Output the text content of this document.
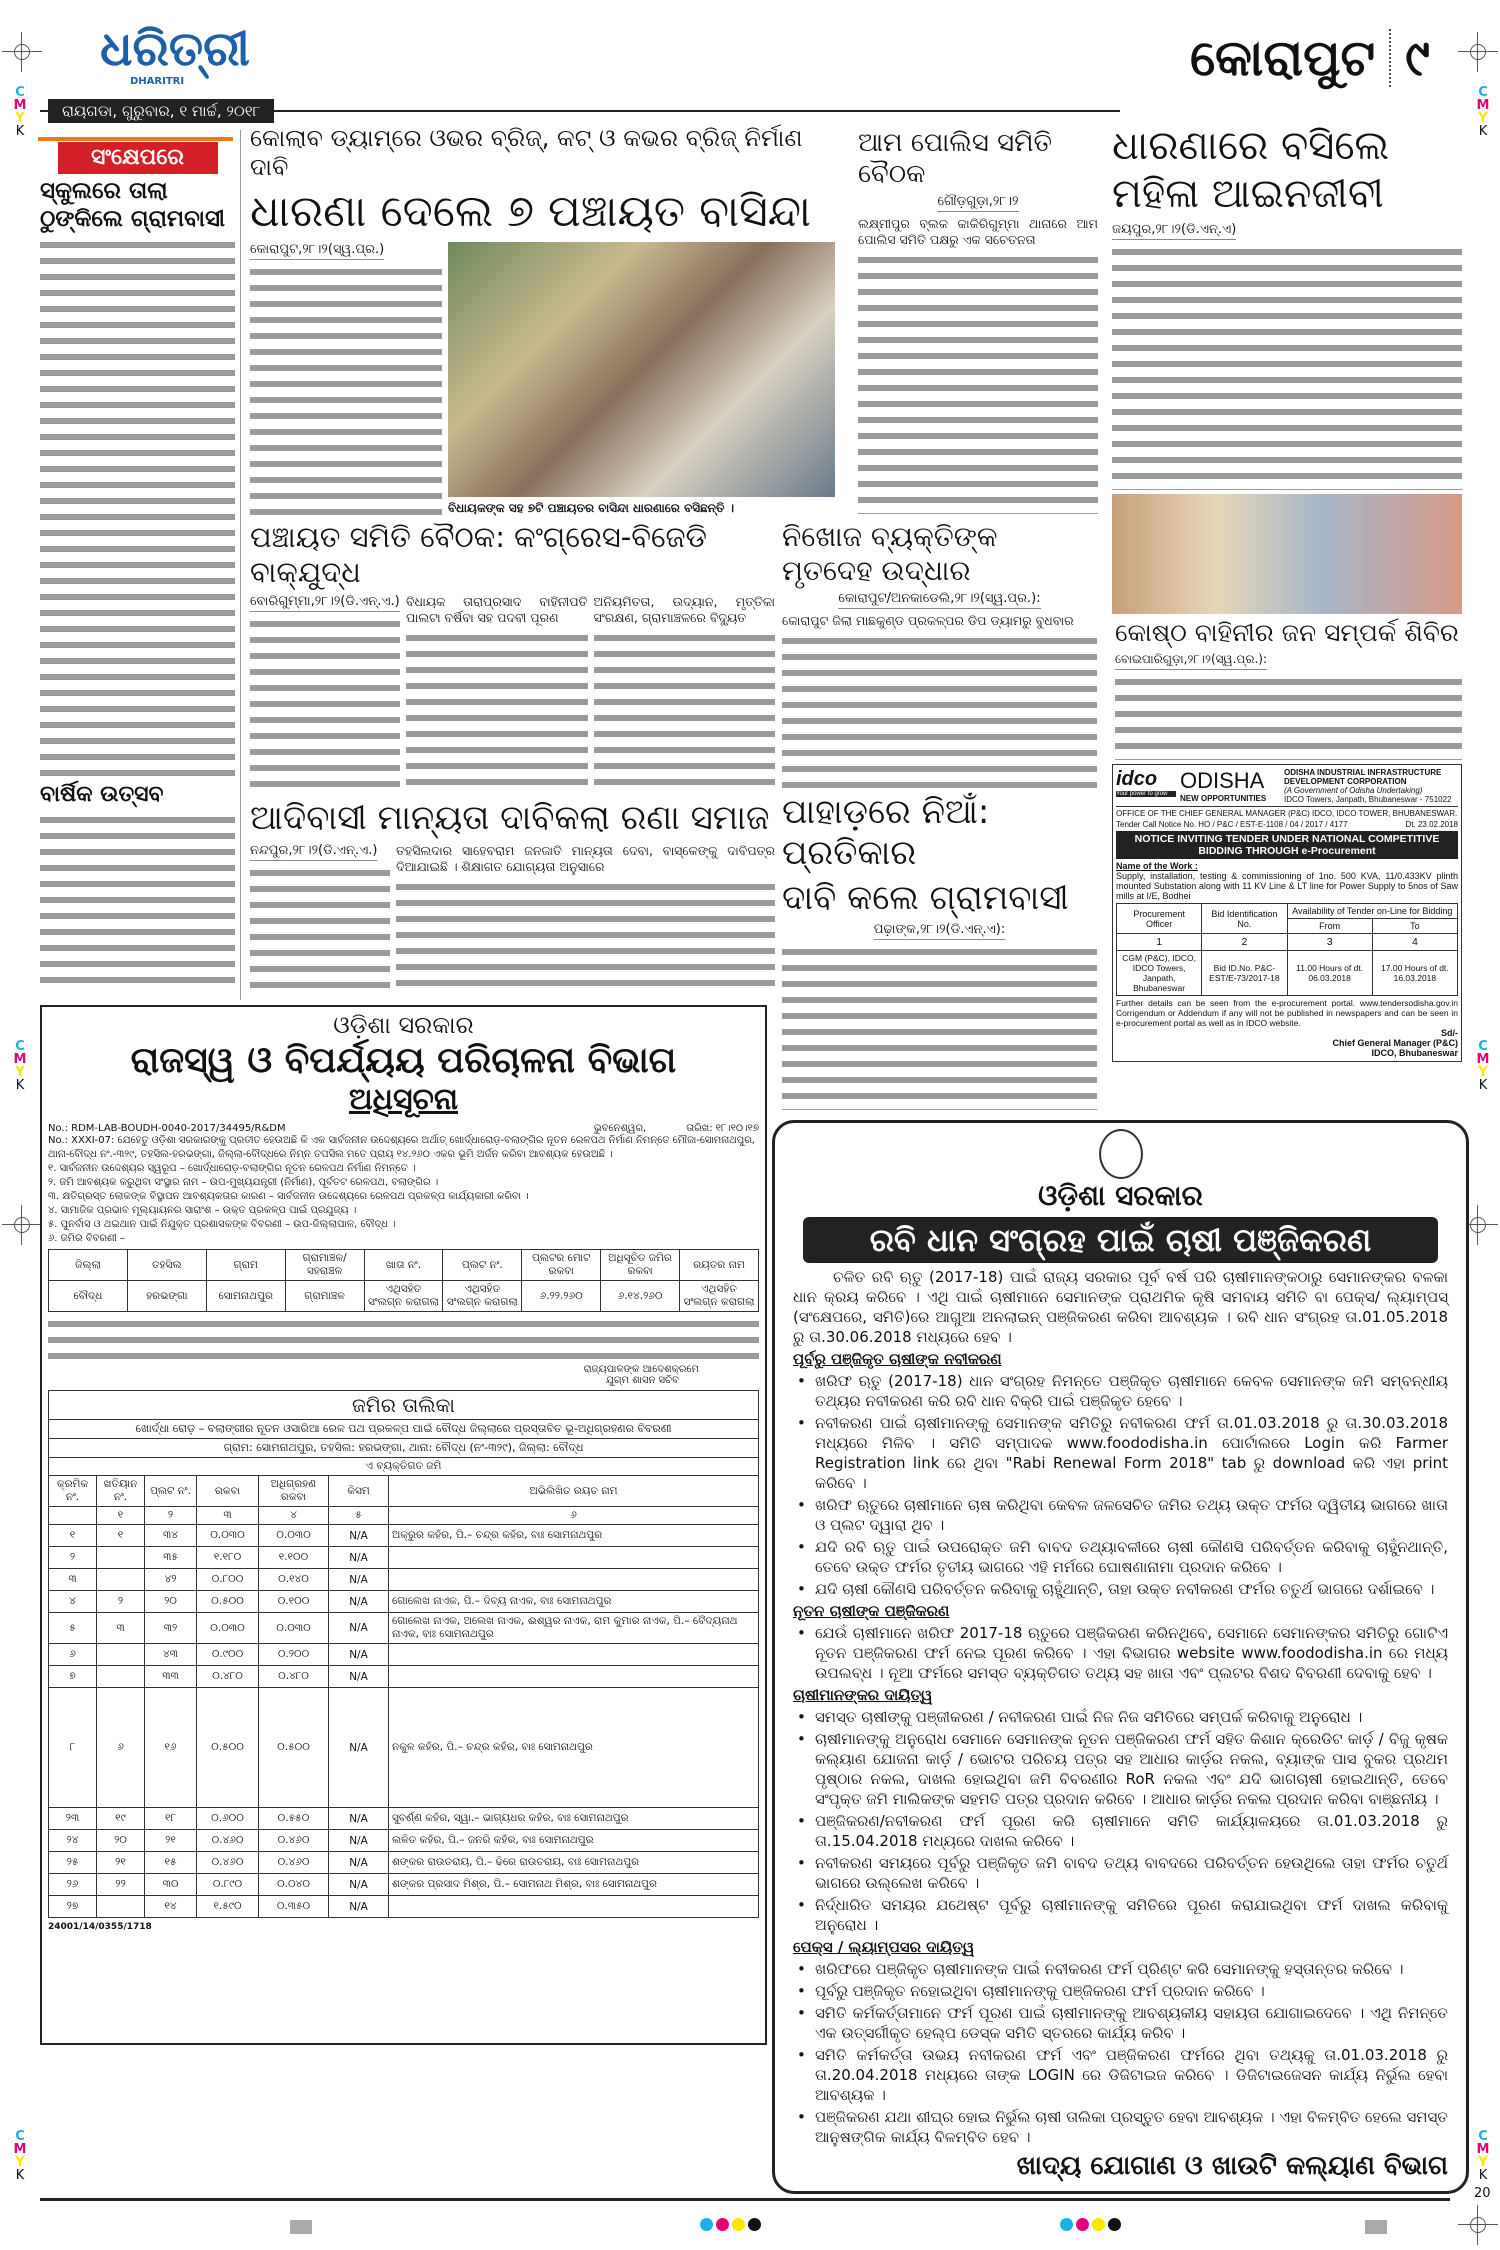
C
M
Y
K
C
M
Y
K
C
M
Y
K
C
M
Y
K
C
M
Y
K
C
M
Y
K
ଧରିତ୍ରୀ
DHARITRI
ରାୟଗଡା, ଗୁରୁବାର, ୧ ମାର୍ଚ୍ଚ, ୨୦୧୮
କୋରାପୁଟ ୯
ସଂକ୍ଷେପରେ
ସ୍କୁଲରେ ତାଲା ଠୁଙ୍କିଲେ ଗ୍ରାମବାସୀ
ବାର୍ଷିକ ଉତ୍ସବ
କୋଲାବ ଡ୍ୟାମ୍‌ରେ ଓଭର ବ୍ରିଜ୍, କଟ୍ ଓ କଭର ବ୍ରିଜ୍ ନିର୍ମାଣ ଦାବି
ଧାରଣା ଦେଲେ ୭ ପଞ୍ଚାୟତ ବାସିନ୍ଦା
କୋରାପୁଟ,୨୮।୨(ସ୍ୱ.ପ୍ର.)
ବିଧାୟକଙ୍କ ସହ ୭ଟି ପଞ୍ଚାୟତର ବାସିନ୍ଦା ଧାରଣାରେ ବସିଛନ୍ତି ।
ଆମ ପୋଲିସ ସମିତି ବୈଠକ
ଗୌଡ଼ଗୁଡ଼ା,୨୮।୨
ଲକ୍ଷ୍ମୀପୁର ବ୍ଲକ କାକିରିଗୁମ୍ମା ଥାନାରେ ଆମ ପୋଲିସ ସମିତି ପକ୍ଷରୁ ଏକ ସଚେତନତା
ଧାରଣାରେ ବସିଲେ ମହିଳା ଆଇନଜୀବୀ
ଜୟପୁର,୨୮।୨(ଡି.ଏନ୍.ଏ)
ପଞ୍ଚାୟତ ସମିତି ବୈଠକ: କଂଗ୍ରେସ-ବିଜେଡି ବାକ୍‌ଯୁଦ୍ଧ
ବୋରିଗୁମ୍ମା,୨୮।୨(ଡି.ଏନ୍.ଏ.) ବିଧାୟକ ତାରାପ୍ରସାଦ ବାହିନୀପତି ପାଲଟା ବର୍ଷିବା ସହ ପଦବୀ ପୂରଣ
ଅନିୟମିତତା, ଉଦ୍ୟାନ, ମୃତ୍ତିକା ସଂରକ୍ଷଣ, ଗ୍ରାମାଞ୍ଚଳରେ ବିଦ୍ୟୁତ
ନିଖୋଜ ବ୍ୟକ୍ତିଙ୍କ ମୃତଦେହ ଉଦ୍ଧାର
କୋରାପୁଟ/ଅନକାଡେଲି,୨୮।୨(ସ୍ୱ.ପ୍ର.):
କୋରାପୁଟ ଜିଲା ମାଛକୁଣ୍ଡ ପ୍ରକଳ୍ପର ଡିପ ଡ୍ୟାମରୁ ବୁଧବାର	କୋଷ୍ଠ ବାହିନୀର ଜନ ସମ୍ପର୍କ ଶିବିର
ବୋଇପାରିଗୁଡ଼ା,୨୮।୨(ସ୍ୱ.ପ୍ର.):
idco
Your power to grow
ODISHA
NEW OPPORTUNITIES
ODISHA INDUSTRIAL INFRASTRUCTURE DEVELOPMENT CORPORATION
(A Government of Odisha Undertaking)
IDCO Towers, Janpath, Bhubaneswar - 751022
OFFICE OF THE CHIEF GENERAL MANAGER (P&C) IDCO, IDCO TOWER, BHUBANESWAR.
Tender Call Notice No. HO / P&C / EST-E-1108 / 04 / 2017 / 4177	Dt. 23.02.2018
NOTICE INVITING TENDER UNDER NATIONAL COMPETITIVE BIDDING THROUGH e-Procurement
Name of the Work :
Supply, installation, testing & commissioning of 1no. 500 KVA, 11/0.433KV plinth mounted Substation along with 11 KV Line & LT line for Power Supply to 5nos of Saw mills at I/E, Bodhei
Procurement Officer	Bid Identification No.	Availability of Tender on-Line for Bidding	
		From	To
1	2	3	4
CGM (P&C), IDCO, IDCO Towers, Janpath, Bhubaneswar	Bid ID.No. P&C-EST/E-73/2017-18	11.00 Hours of dt. 06.03.2018	17.00 Hours of dt. 16.03.2018
Further details can be seen from the e-procurement portal. www.tendersodisha.gov.in Corrigendum or Addendum if any will not be published in newspapers and can be seen in e-procurement portal as well as in IDCO website.
Sd/-
Chief General Manager (P&C)
IDCO, Bhubaneswar
ଆଦିବାସୀ ମାନ୍ୟତା ଦାବିକଲା ରଣା ସମାଜ
ନନ୍ଦପୁର,୨୮।୨(ଡି.ଏନ୍.ଏ.) ତହସିଲଦାର ସାହେବରାମ ଜନଜାତି ମାନ୍ୟତା ଦେବା, ବାସ୍କେଙ୍କୁ ଦାବିପତ୍ର ଦିଆଯାଇଛି । ଶିକ୍ଷାଗତ ଯୋଗ୍ୟତା ଅନୁସାରେ
ପାହାଡ଼ରେ ନିଆଁ: ପ୍ରତିକାର
ଦାବି କଲେ ଗ୍ରାମବାସୀ
ପଢ଼ାଙ୍କ,୨୮।୨(ଡି.ଏନ୍.ଏ):
ଓଡ଼ିଶା ସରକାର
ରାଜସ୍ୱ ଓ ବିପର୍ଯ୍ୟୟ ପରିଚାଳନା ବିଭାଗ
ଅଧିସୂଚନା
No.: RDM-LAB-BOUDH-0040-2017/34495/R&DM	ଭୁବନେଶ୍ୱର,	ତାରିଖ: ୧୮।୧୦।୧୭
No.: XXXI-07: ଯେହେତୁ ଓଡ଼ିଶା ସରକାରଙ୍କୁ ପ୍ରତୀତ ହେଉଅଛି କି ଏକ ସାର୍ବଜନୀନ ଉଦ୍ଦେଶ୍ୟରେ ଅର୍ଥାତ୍ ଖୋର୍ଦ୍ଧାରୋଡ଼-ବଲାଙ୍ଗିର ନୂତନ ରେଳପଥ ନିର୍ମାଣ ନିମନ୍ତେ ମୌଜା-ସୋମନାଥପୁର, ଥାନା-ବୌଦ୍ଧ ନଂ.-୩୨୯, ତହସିଲ-ହରଭଙ୍ଗା, ଜିଲ୍ଲା-ବୌଦ୍ଧରେ ନିମ୍ନ ତପସିଲ ମତେ ପ୍ରାୟ ୧୪.୨୬୦ ଏକର ଭୂମି ଅର୍ଜନ କରିବା ଆବଶ୍ୟକ ହେଉଅଛି ।
୧. ସାର୍ବଜନୀନ ଉଦ୍ଦେଶ୍ୟର ସ୍ୱରୂପ – ଖୋର୍ଦ୍ଧାରୋଡ଼-ବଲାଙ୍ଗିର ନୂତନ ରେଳପଥ ନିର୍ମାଣ ନିମନ୍ତେ ।
୨. ଜମି ଆବଶ୍ୟକ କରୁଥିବା ସଂସ୍ଥାର ନାମ – ଉପ-ମୁଖ୍ୟଯନ୍ତ୍ରୀ (ନିର୍ମାଣ), ପୂର୍ବତଟ ରେଳପଥ, ବଲାଙ୍ଗିର ।
୩. କ୍ଷତିଗ୍ରସ୍ତ ଲୋକଙ୍କ ବିସ୍ଥାପନ ଆବଶ୍ୟକତାର କାରଣ – ସାର୍ବଜନୀନ ଉଦ୍ଦେଶ୍ୟରେ ରେଳପଥ ପ୍ରକଳ୍ପ କାର୍ଯ୍ୟକାରୀ କରିବା ।
୪. ସାମାଜିକ ପ୍ରଭାବ ମୂଲ୍ୟାୟନର ସାରାଂଶ – ଉକ୍ତ ପ୍ରକଳ୍ପ ପାଇଁ ପ୍ରଯୁଜ୍ୟ ।
୫. ପୁନର୍ବାସ ଓ ଥଇଥାନ ପାଇଁ ନିଯୁକ୍ତ ପ୍ରଶାସକଙ୍କ ବିବରଣୀ – ଉପ-ଜିଲ୍ଲାପାଳ, ବୌଦ୍ଧ ।
୬. ଜମିର ବିବରଣୀ –
ଜିଲ୍ଲା	ତହସିଲ	ଗ୍ରାମ	ଗ୍ରାମାଞ୍ଚଳ/ସହରାଞ୍ଚଳ	ଖାତା ନଂ.	ପ୍ଲଟ ନଂ.	ପ୍ଲଟର ମୋଟ ରକବା	ଅଧିସୂଚିତ ଜମିର ରକବା	ରୟତର ନାମ
ବୌଦ୍ଧ	ହରଭଙ୍ଗା	ସୋମନାଥପୁର	ଗ୍ରାମାଞ୍ଚଳ	ଏଥିସହିତ ସଂଲଗ୍ନ କରାଗଲା	ଏଥିସହିତ ସଂଲଗ୍ନ କରାଗଲା	୬.୨୨.୨୬୦	୬.୧୪.୨୬୦	ଏଥିସହିତ ସଂଲଗ୍ନ କରାଗଲା
ରାଜ୍ୟପାଳଙ୍କ ଆଦେଶକ୍ରମେ
ଯୁଗ୍ମ ଶାସନ ସଚିବ
ଜମିର ତାଲିକା						
ଖୋର୍ଦ୍ଧା ରୋଡ଼ – ବଲାଙ୍ଗୀର ନୂତନ ଓସାରିଆ ରେଳ ପଥ ପ୍ରକଳ୍ପ ପାଇଁ ବୌଦ୍ଧ ଜିଲ୍ଲାରେ ପ୍ରସ୍ତାବିତ ଭୂ-ଅଧିଗ୍ରହଣର ବିବରଣୀ						
ଗ୍ରାମ: ସୋମନାଥପୁର, ତହସିଲ: ହରଭଙ୍ଗା, ଥାନା: ବୌଦ୍ଧ (ନଂ-୩୨୯), ଜିଲ୍ଲା: ବୌଦ୍ଧ						
ଏ ବ୍ୟକ୍ତିଗତ ଜମି						
କ୍ରମିକ ନଂ.	ଖତିୟାନ ନଂ.	ପ୍ଲଟ ନଂ.	ରକବା	ଅଧିଗ୍ରହଣ ରକବା	କିସମ	ଅଭିଲିଖିତ ରୟତ ନାମ
	୧	୨	୩	୪	୫	୬
୧	୧	୩୪	୦.୦୩୦	୦.୦୩୦	N/A	ଅକ୍ରୁର କହଁର, ପି.– ଚନ୍ଦ୍ର କହଁର, ବାଃ ସୋମନାଥପୁର
୨		୩୫	୧.୧୮୦	୧.୧୦୦	N/A	
୩		୪୨	୦.୮୦୦	୦.୧୪୦	N/A	
୪	୨	୨୦	୦.୫୦୦	୦.୧୦୦	N/A	ଗୋଲେଖ ନାଏକ, ପି.– ଦିବ୍ୟ ନାଏକ, ବାଃ ସୋମନାଥପୁର
୫	୩	୩୨	୦.୦୩୦	୦.୦୩୦	N/A	ଗୋଲେଖ ନାଏକ, ଅଲେଖ ନାଏକ, ଈଶ୍ୱର ନାଏକ, ରାମ କୁମାର ନାଏକ, ପି.– ବୈଦ୍ୟନାଥ ନାଏକ, ବାଃ ସୋମନାଥପୁର
୬		୪୩	୦.୯୦୦	୦.୨୦୦	N/A	
୭		୩୩	୦.୪୮୦	୦.୪୮୦	N/A	
୮	୬	୧୬	୦.୫୦୦	୦.୫୦୦	N/A	ନକୁଳ କହଁର, ପି.– ଚନ୍ଦ୍ର କହଁର, ବାଃ ସୋମନାଥପୁର
୨୩	୧୯	୧୮	୦.୬୦୦	୦.୫୫୦	N/A	ସୁବର୍ଣ୍ଣ କହଁର, ସ୍ୱା.– ଭାଗ୍ୟଧର କହଁର, ବାଃ ସୋମନାଥପୁର
୨୪	୨୦	୨୧	୦.୪୬୦	୦.୪୬୦	N/A	ଲଳିତ କହଁର, ପି.– ଜନରି କହଁର, ବାଃ ସୋମନାଥପୁର
୨୫	୨୧	୧୫	୦.୪୬୦	୦.୪୬୦	N/A	ଶଙ୍କର ରାଉତରାୟ, ପି.– ଢିରେ ରାଉତରାୟ, ବାଃ ସୋମନାଥପୁର
୨୬	୨୨	୩୦	୦.୮୯୦	୦.୦୪୦	N/A	ଶଙ୍କର ପ୍ରସାଦ ମିଶ୍ର, ପି.– ସୋମନାଥ ମିଶ୍ର, ବାଃ ସୋମନାଥପୁର
୨୭		୧୪	୧.୫୯୦	୦.୩୫୦	N/A	
24001/14/0355/1718
ଓଡ଼ିଶା ସରକାର
ରବି ଧାନ ସଂଗ୍ରହ ପାଇଁ ଚାଷୀ ପଞ୍ଜିକରଣ
ଚଳିତ ରବି ଋତୁ (2017-18) ପାଇଁ ରାଜ୍ୟ ସରକାର ପୂର୍ବ ବର୍ଷ ପରି ଚାଷୀମାନଙ୍କଠାରୁ ସେମାନଙ୍କର ବଳକା ଧାନ କ୍ରୟ କରିବେ । ଏଥି ପାଇଁ ଚାଷୀମାନେ ସେମାନଙ୍କ ପ୍ରାଥମିକ କୃଷି ସମବାୟ ସମିତି ବା ପେକ୍ସ/ ଲ୍ୟାମ୍ପସ୍ (ସଂକ୍ଷେପରେ, ସମିତି)ରେ ଆଗୁଆ ଅନଲାଇନ୍ ପଞ୍ଜିକରଣ କରିବା ଆବଶ୍ୟକ । ରବି ଧାନ ସଂଗ୍ରହ ତା.01.05.2018 ରୁ ତା.30.06.2018 ମଧ୍ୟରେ ହେବ ।
ପୂର୍ବରୁ ପଞ୍ଜିକୃତ ଚାଷୀଙ୍କ ନବୀକରଣ
• ଖରିଫ ଋତୁ (2017-18) ଧାନ ସଂଗ୍ରହ ନିମନ୍ତେ ପଞ୍ଜିକୃତ ଚାଷୀମାନେ କେବଳ ସେମାନଙ୍କ ଜମି ସମ୍ବନ୍ଧୀୟ ତଥ୍ୟର ନବୀକରଣ କରି ରବି ଧାନ ବିକ୍ରି ପାଇଁ ପଞ୍ଜିକୃତ ହେବେ ।
• ନବୀକରଣ ପାଇଁ ଚାଷୀମାନଙ୍କୁ ସେମାନଙ୍କ ସମିତିରୁ ନବୀକରଣ ଫର୍ମ ତା.01.03.2018 ରୁ ତା.30.03.2018 ମଧ୍ୟରେ ମିଳିବ । ସମିତି ସମ୍ପାଦକ www.foododisha.in ପୋର୍ଟାଲରେ Login କରି Farmer Registration link ରେ ଥିବା "Rabi Renewal Form 2018" tab ରୁ download କରି ଏହା print କରିବେ ।
• ଖରିଫ ଋତୁରେ ଚାଷୀମାନେ ଚାଷ କରିଥିବା କେବଳ ଜଳସେଚିତ ଜମିର ତଥ୍ୟ ଉକ୍ତ ଫର୍ମର ଦ୍ୱିତୀୟ ଭାଗରେ ଖାତା ଓ ପ୍ଲଟ ଦ୍ୱାରା ଥିବ ।
• ଯଦି ରବି ଋତୁ ପାଇଁ ଉପରୋକ୍ତ ଜମି ବାବଦ ତଥ୍ୟାବଳୀରେ ଚାଷୀ କୌଣସି ପରିବର୍ତ୍ତନ କରିବାକୁ ଚାହୁଁନଥାନ୍ତି, ତେବେ ଉକ୍ତ ଫର୍ମର ତୃତୀୟ ଭାଗରେ ଏହି ମର୍ମରେ ଘୋଷଣାନାମା ପ୍ରଦାନ କରିବେ ।
• ଯଦି ଚାଷୀ କୌଣସି ପରିବର୍ତ୍ତନ କରିବାକୁ ଚାହୁଁଥାନ୍ତି, ତାହା ଉକ୍ତ ନବୀକରଣ ଫର୍ମର ଚତୁର୍ଥ ଭାଗରେ ଦର୍ଶାଇବେ ।
ନୂତନ ଚାଷୀଙ୍କ ପଞ୍ଜିକରଣ
• ଯେଉଁ ଚାଷୀମାନେ ଖରିଫ 2017-18 ଋତୁରେ ପଞ୍ଜିକରଣ କରିନଥିବେ, ସେମାନେ ସେମାନଙ୍କର ସମିତିରୁ ଗୋଟିଏ ନୂତନ ପଞ୍ଜିକରଣ ଫର୍ମ ନେଇ ପୂରଣ କରିବେ । ଏହା ବିଭାଗର website www.foododisha.in ରେ ମଧ୍ୟ ଉପଲବ୍ଧ । ନୂଆ ଫର୍ମରେ ସମସ୍ତ ବ୍ୟକ୍ତିଗତ ତଥ୍ୟ ସହ ଖାତା ଏବଂ ପ୍ଲଟର ବିଶଦ ବିବରଣୀ ଦେବାକୁ ହେବ ।
ଚାଷୀମାନଙ୍କର ଦାୟିତ୍ୱ
• ସମସ୍ତ ଚାଷୀଙ୍କୁ ପଞ୍ଜୀକରଣ / ନବୀକରଣ ପାଇଁ ନିଜ ନିଜ ସମିତିରେ ସମ୍ପର୍କ କରିବାକୁ ଅନୁରୋଧ ।
• ଚାଷୀମାନଙ୍କୁ ଅନୁରୋଧ ସେମାନେ ସେମାନଙ୍କ ନୂତନ ପଞ୍ଜିକରଣ ଫର୍ମ ସହିତ କିଶାନ କ୍ରେଡିଟ କାର୍ଡ଼ / ବିଜୁ କୃଷକ କଲ୍ୟାଣ ଯୋଜନା କାର୍ଡ଼ / ଭୋଟର ପରିଚୟ ପତ୍ର ସହ ଆଧାର କାର୍ଡ଼ର ନକଲ, ବ୍ୟାଙ୍କ ପାସ ବୁକର ପ୍ରଥମ ପୃଷ୍ଠାର ନକଲ, ଦାଖଲ ହୋଇଥିବା ଜମି ବିବରଣୀର RoR ନକଲ ଏବଂ ଯଦି ଭାଗଚାଷୀ ହୋଇଥାନ୍ତି, ତେବେ ସଂପୃକ୍ତ ଜମି ମାଲିକଙ୍କ ସହମତି ପତ୍ର ପ୍ରଦାନ କରିବେ । ଆଧାର କାର୍ଡ଼ର ନକଲ ପ୍ରଦାନ କରିବା ବାଞ୍ଛନୀୟ ।
• ପଞ୍ଜିକରଣ/ନବୀକରଣ ଫର୍ମ ପୂରଣ କରି ଚାଷୀମାନେ ସମିତି କାର୍ଯ୍ୟାଳୟରେ ତା.01.03.2018 ରୁ ତା.15.04.2018 ମଧ୍ୟରେ ଦାଖଲ କରିବେ ।
• ନବୀକରଣ ସମୟରେ ପୂର୍ବରୁ ପଞ୍ଜିକୃତ ଜମି ବାବଦ ତଥ୍ୟ ବାବଦରେ ପରିବର୍ତ୍ତନ ହେଉଥିଲେ ତାହା ଫର୍ମର ଚତୁର୍ଥ ଭାଗରେ ଉଲ୍ଲେଖ କରିବେ ।
• ନିର୍ଦ୍ଧାରିତ ସମୟର ଯଥେଷ୍ଟ ପୂର୍ବରୁ ଚାଷୀମାନଙ୍କୁ ସମିତିରେ ପୂରଣ କରାଯାଇଥିବା ଫର୍ମ ଦାଖଲ କରିବାକୁ ଅନୁରୋଧ ।
ପେକ୍ସ / ଲ୍ୟାମ୍ପସର ଦାୟିତ୍ୱ
• ଖରିଫରେ ପଞ୍ଜିକୃତ ଚାଷୀମାନଙ୍କ ପାଇଁ ନବୀକରଣ ଫର୍ମ ପ୍ରିଣ୍ଟ କରି ସେମାନଙ୍କୁ ହସ୍ତାନ୍ତର କରିବେ ।
• ପୂର୍ବରୁ ପଞ୍ଜିକୃତ ନହୋଇଥିବା ଚାଷୀମାନଙ୍କୁ ପଞ୍ଜିକରଣ ଫର୍ମ ପ୍ରଦାନ କରିବେ ।
• ସମିତି କର୍ମକର୍ତ୍ତାମାନେ ଫର୍ମ ପୂରଣ ପାଇଁ ଚାଷୀମାନଙ୍କୁ ଆବଶ୍ୟକୀୟ ସହାୟତା ଯୋଗାଇଦେବେ । ଏଥି ନିମନ୍ତେ ଏକ ଉତ୍ସର୍ଗୀକୃତ ହେଲ୍ପ ଡେସ୍କ ସମିତି ସ୍ତରରେ କାର୍ଯ୍ୟ କରିବ ।
• ସମିତି କର୍ମକର୍ତ୍ତା ଉଭୟ ନବୀକରଣ ଫର୍ମ ଏବଂ ପଞ୍ଜିକରଣ ଫର୍ମରେ ଥିବା ତଥ୍ୟକୁ ତା.01.03.2018 ରୁ ତା.20.04.2018 ମଧ୍ୟରେ ତାଙ୍କ LOGIN ରେ ଡିଜିଟାଇଜ କରିବେ । ଡିଜିଟାଇଜେସନ କାର୍ଯ୍ୟ ନିର୍ଭୁଲ ହେବା ଆବଶ୍ୟକ ।
• ପଞ୍ଜିକରଣ ଯଥା ଶୀଘ୍ର ହୋଇ ନିର୍ଭୁଲ ଚାଷୀ ତାଲିକା ପ୍ରସ୍ତୁତ ହେବା ଆବଶ୍ୟକ । ଏହା ବିଳମ୍ବିତ ହେଲେ ସମସ୍ତ ଆନୁଷଙ୍ଗିକ କାର୍ଯ୍ୟ ବିଳମ୍ବିତ ହେବ ।
ଖାଦ୍ୟ ଯୋଗାଣ ଓ ଖାଉଟି କଲ୍ୟାଣ ବିଭାଗ
20
